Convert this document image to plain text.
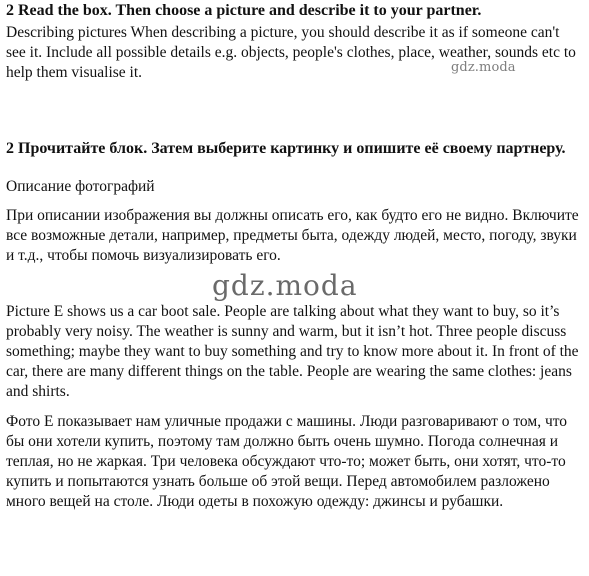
2 Read the box. Then choose a picture and describe it to your partner.

Describing pictures When describing a picture, you should describe it as if someone can't see it. Include all possible details e.g. objects, people's clothes, place, weather, sounds etc to help them visualise it.	gdz.moda

2 Прочитайте блок. Затем выберите картинку и опишите её своему партнеру.

Описание фотографий

При описании изображения вы должны описать его, как будто его не видно. Включите все возможные детали, например, предметы быта, одежду людей, место, погоду, звуки и т.д., чтобы помочь визуализировать его.

gdz.moda

Picture E shows us a car boot sale. People are talking about what they want to buy, so it’s probably very noisy. The weather is sunny and warm, but it isn’t hot. Three people discuss something; maybe they want to buy something and try to know more about it. In front of the car, there are many different things on the table. People are wearing the same clothes: jeans and shirts.

Фото E показывает нам уличные продажи с машины. Люди разговаривают о том, что бы они хотели купить, поэтому там должно быть очень шумно. Погода солнечная и теплая, но не жаркая. Три человека обсуждают что-то; может быть, они хотят, что-то купить и попытаются узнать больше об этой вещи. Перед автомобилем разложено много вещей на столе. Люди одеты в похожую одежду: джинсы и рубашки.
